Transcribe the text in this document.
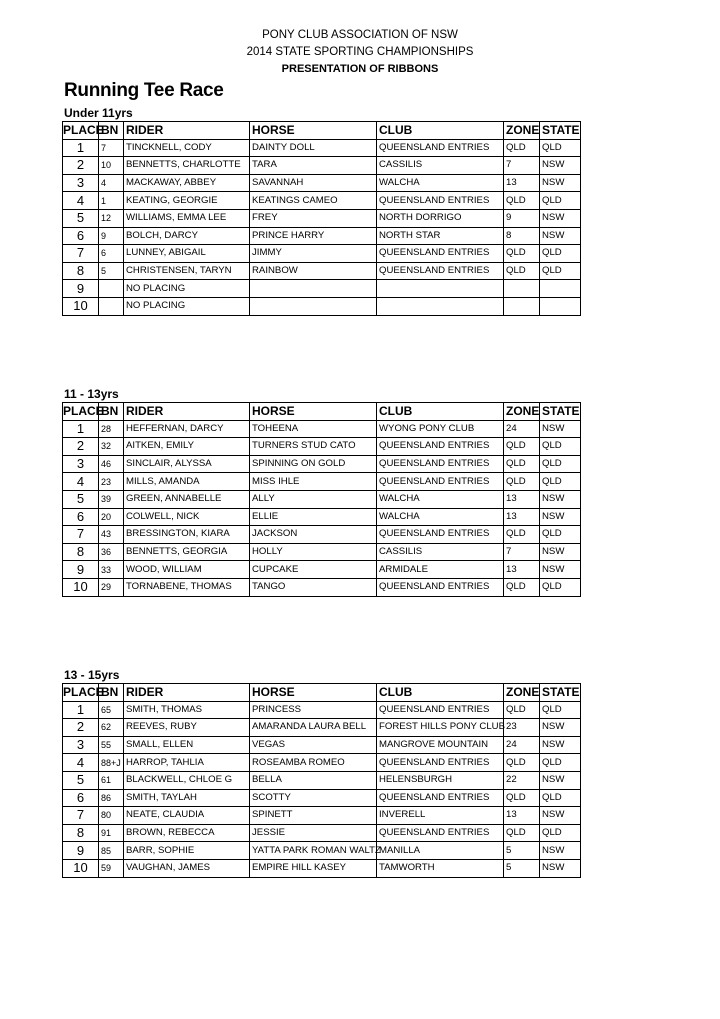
PONY CLUB ASSOCIATION OF NSW
2014 STATE SPORTING CHAMPIONSHIPS
PRESENTATION OF RIBBONS
Running Tee Race
Under 11yrs
PLACE	BN	RIDER	HORSE	CLUB	ZONE	STATE
1	7	TINCKNELL, CODY	DAINTY DOLL	QUEENSLAND ENTRIES	QLD	QLD
2	10	BENNETTS, CHARLOTTE	TARA	CASSILIS	7	NSW
3	4	MACKAWAY, ABBEY	SAVANNAH	WALCHA	13	NSW
4	1	KEATING, GEORGIE	KEATINGS CAMEO	QUEENSLAND ENTRIES	QLD	QLD
5	12	WILLIAMS, EMMA LEE	FREY	NORTH DORRIGO	9	NSW
6	9	BOLCH, DARCY	PRINCE HARRY	NORTH STAR	8	NSW
7	6	LUNNEY, ABIGAIL	JIMMY	QUEENSLAND ENTRIES	QLD	QLD
8	5	CHRISTENSEN, TARYN	RAINBOW	QUEENSLAND ENTRIES	QLD	QLD
9		NO PLACING				
10		NO PLACING				
11 - 13yrs
PLACE	BN	RIDER	HORSE	CLUB	ZONE	STATE
1	28	HEFFERNAN, DARCY	TOHEENA	WYONG PONY CLUB	24	NSW
2	32	AITKEN, EMILY	TURNERS STUD CATO	QUEENSLAND ENTRIES	QLD	QLD
3	46	SINCLAIR, ALYSSA	SPINNING ON GOLD	QUEENSLAND ENTRIES	QLD	QLD
4	23	MILLS, AMANDA	MISS IHLE	QUEENSLAND ENTRIES	QLD	QLD
5	39	GREEN, ANNABELLE	ALLY	WALCHA	13	NSW
6	20	COLWELL, NICK	ELLIE	WALCHA	13	NSW
7	43	BRESSINGTON, KIARA	JACKSON	QUEENSLAND ENTRIES	QLD	QLD
8	36	BENNETTS, GEORGIA	HOLLY	CASSILIS	7	NSW
9	33	WOOD, WILLIAM	CUPCAKE	ARMIDALE	13	NSW
10	29	TORNABENE, THOMAS	TANGO	QUEENSLAND ENTRIES	QLD	QLD
13 - 15yrs
PLACE	BN	RIDER	HORSE	CLUB	ZONE	STATE
1	65	SMITH, THOMAS	PRINCESS	QUEENSLAND ENTRIES	QLD	QLD
2	62	REEVES, RUBY	AMARANDA LAURA BELL	FOREST HILLS PONY CLUB	23	NSW
3	55	SMALL, ELLEN	VEGAS	MANGROVE MOUNTAIN	24	NSW
4	88+J	HARROP, TAHLIA	ROSEAMBA ROMEO	QUEENSLAND ENTRIES	QLD	QLD
5	61	BLACKWELL, CHLOE G	BELLA	HELENSBURGH	22	NSW
6	86	SMITH, TAYLAH	SCOTTY	QUEENSLAND ENTRIES	QLD	QLD
7	80	NEATE, CLAUDIA	SPINETT	INVERELL	13	NSW
8	91	BROWN, REBECCA	JESSIE	QUEENSLAND ENTRIES	QLD	QLD
9	85	BARR, SOPHIE	YATTA PARK ROMAN WALTZ	MANILLA	5	NSW
10	59	VAUGHAN, JAMES	EMPIRE HILL KASEY	TAMWORTH	5	NSW
